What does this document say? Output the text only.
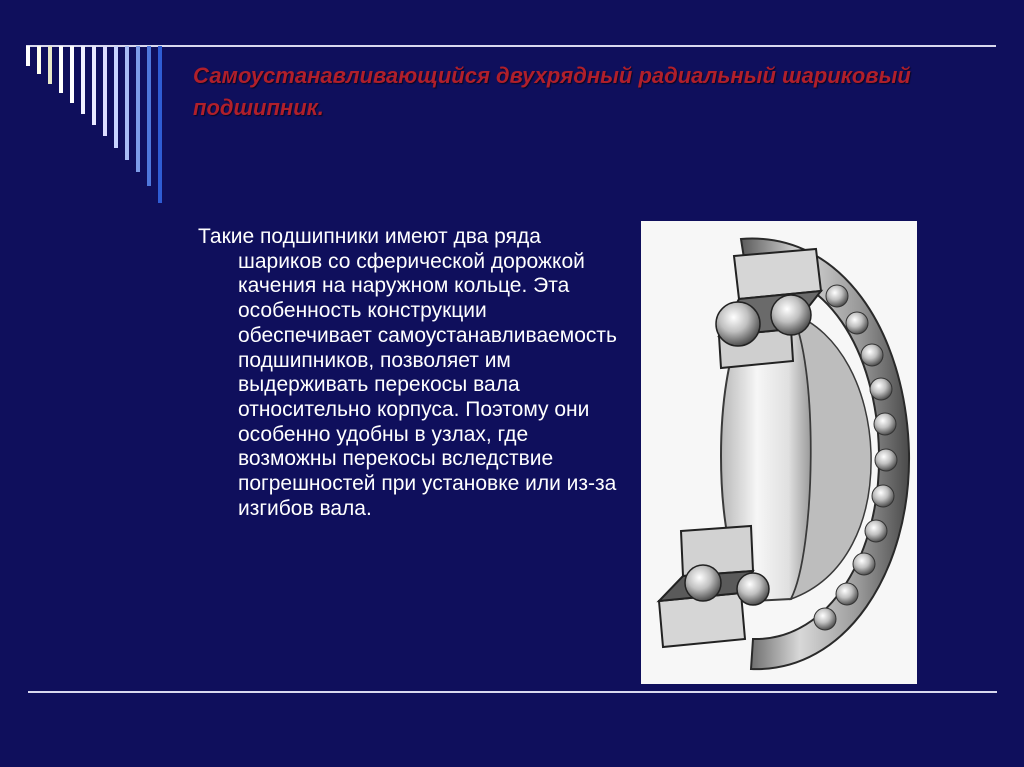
Самоустанавливающийся двухрядный радиальный шариковый подшипник.

Такие подшипники имеют два ряда шариков со сферической дорожкой качения на наружном кольце. Эта особенность конструкции обеспечивает самоустанавливаемость подшипников, позволяет им выдерживать перекосы вала относительно корпуса. Поэтому они особенно удобны в узлах, где возможны перекосы вследствие погрешностей при установке или из-за изгибов вала.
